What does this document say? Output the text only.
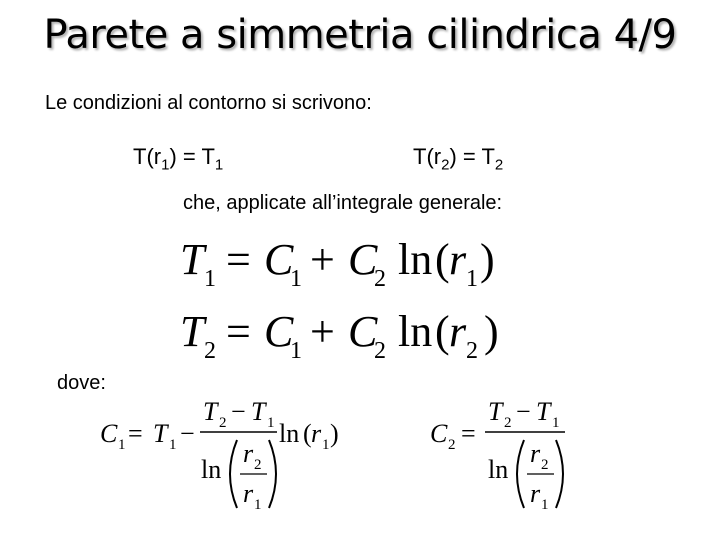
Parete a simmetria cilindrica 4/9
Le condizioni al contorno si scrivono:
$T(r_1) = T_1$	$T(r_2) = T_2$
che, applicate all’integrale generale:
dove:
T 1 = C
1 + C
2 ln ( r 1 )
T 2 = C
1 + C
2 ln ( r 2 )
C 1 = T 1 −
T 2 − T 1 ln ( r 1 )
ln
r 2
r 1
C 2 =
T 2 − T 1
ln
r 2
r 1
